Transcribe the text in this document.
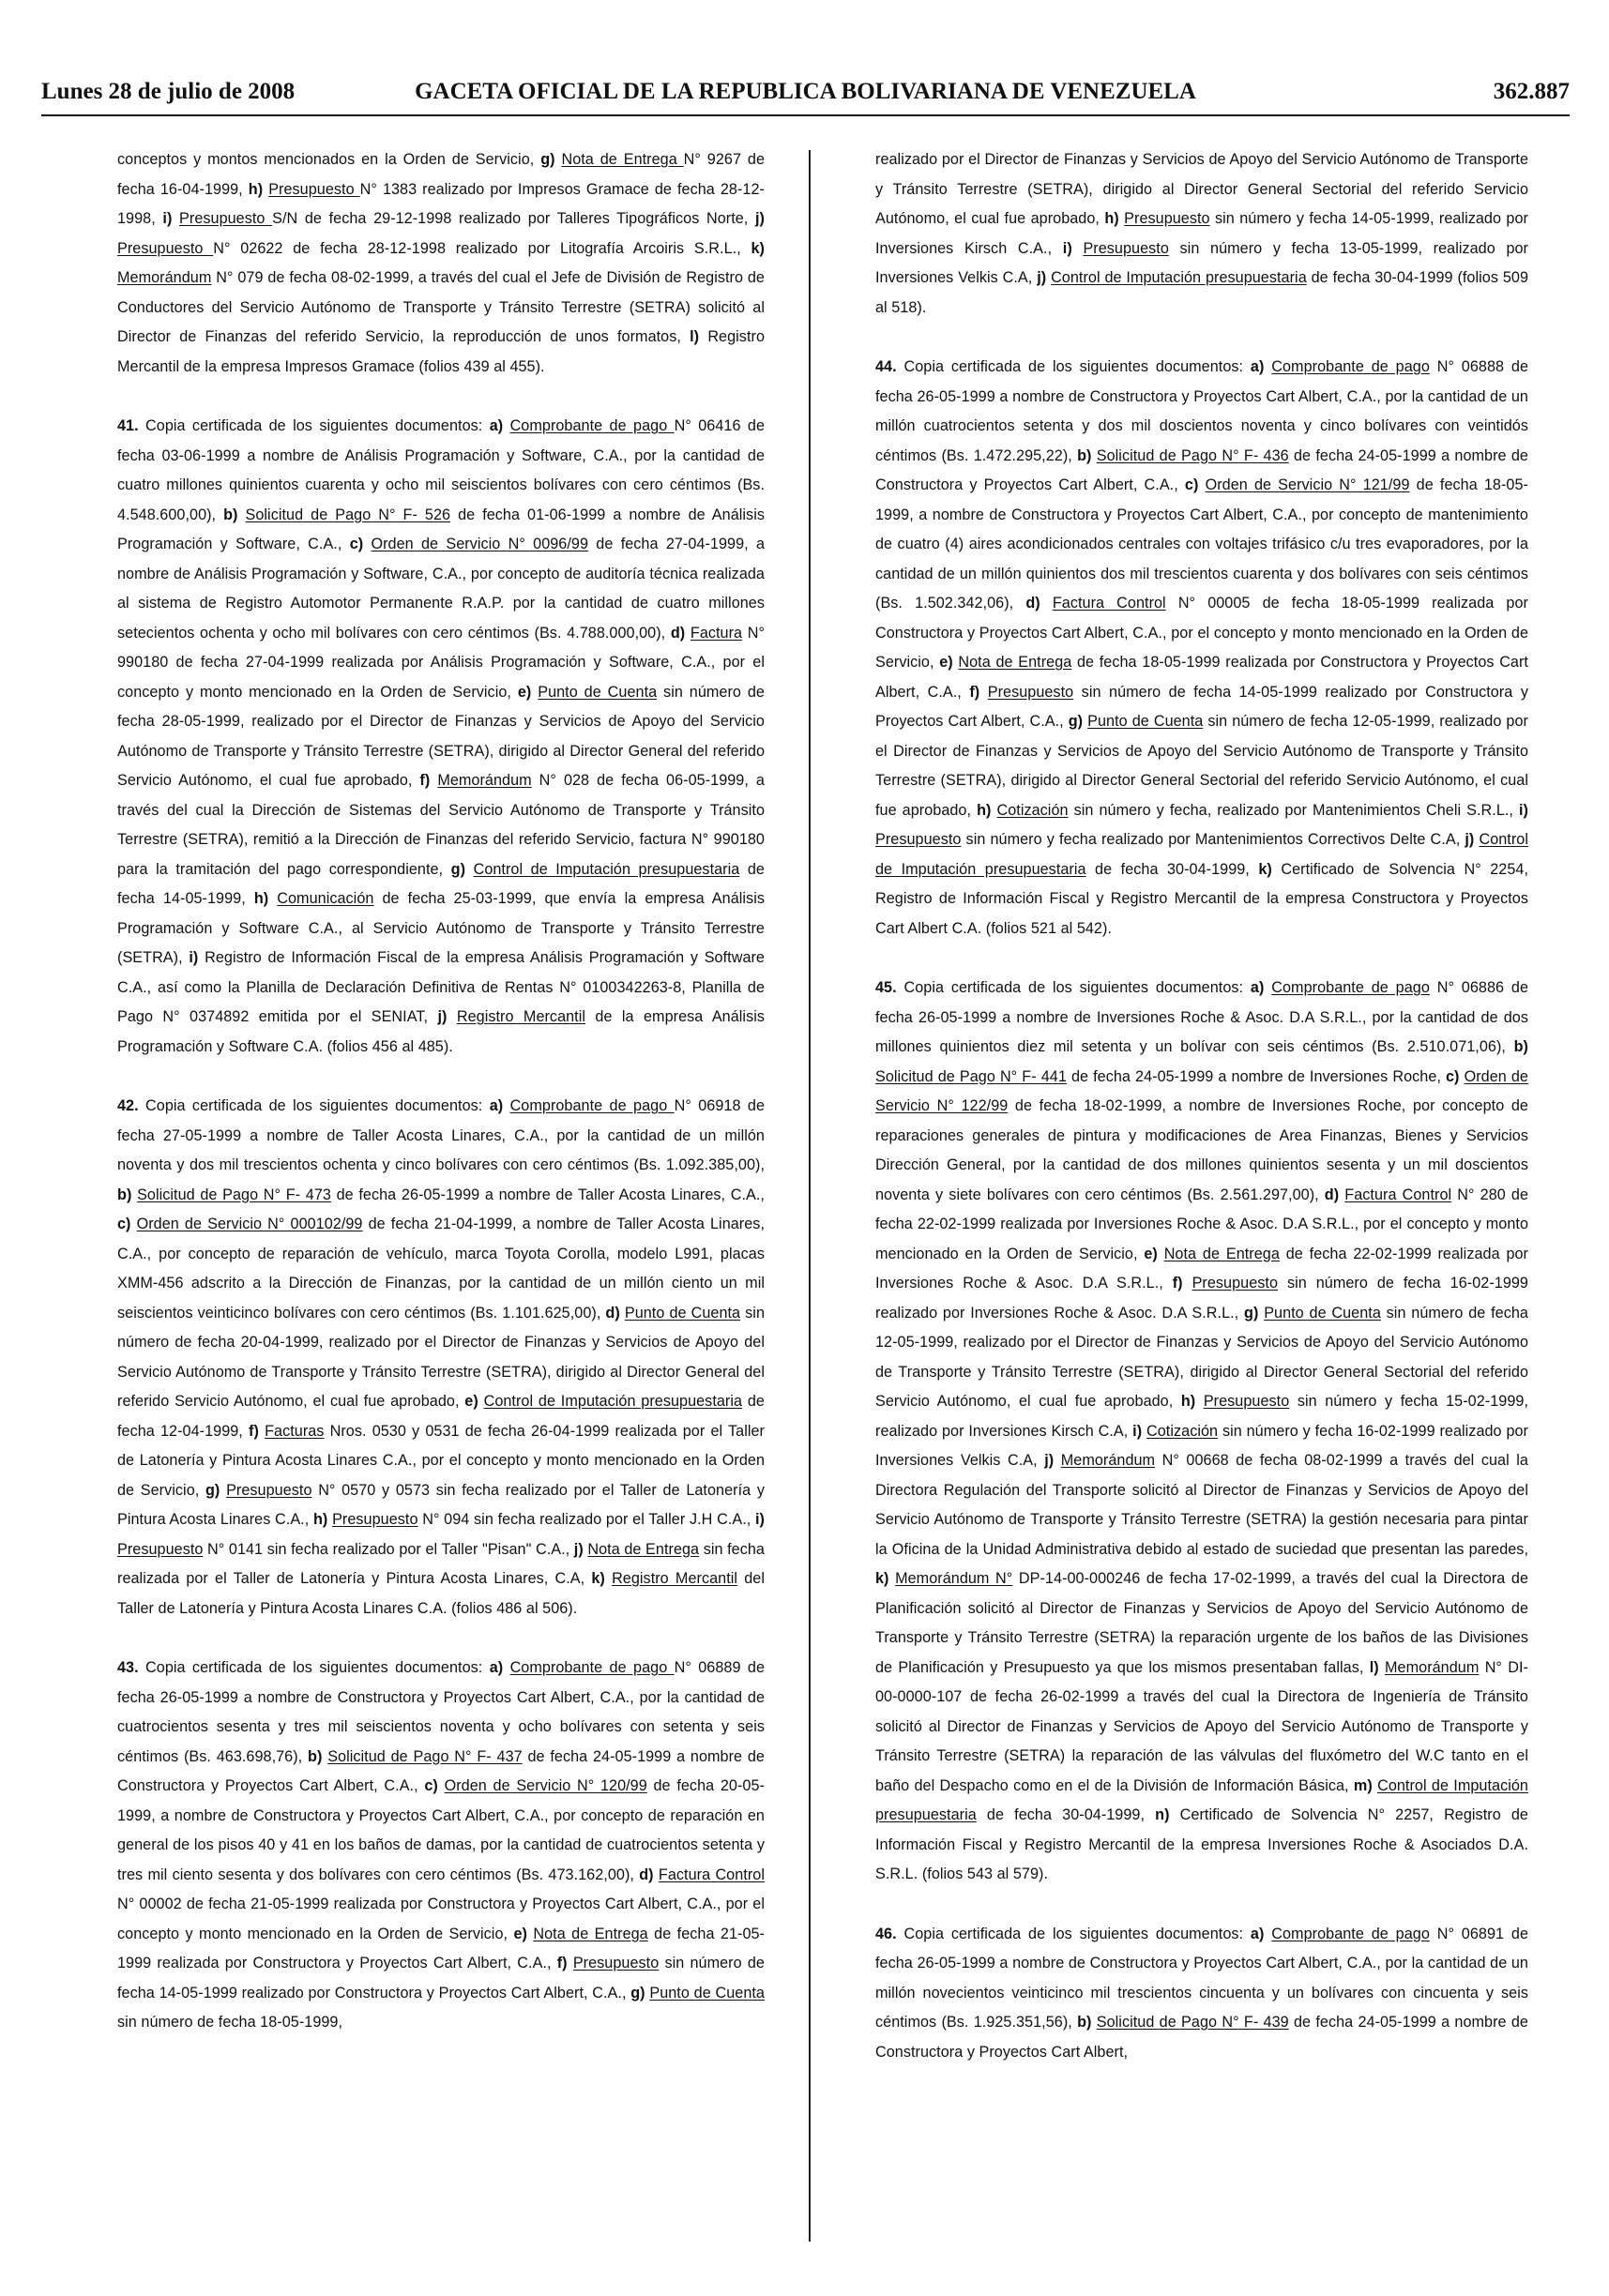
Lunes 28 de julio de 2008	GACETA OFICIAL DE LA REPUBLICA BOLIVARIANA DE VENEZUELA	362.887

conceptos y montos mencionados en la Orden de Servicio, g) Nota de Entrega N° 9267 de fecha 16-04-1999, h) Presupuesto N° 1383 realizado por Impresos Gramace de fecha 28-12-1998, i) Presupuesto S/N de fecha 29-12-1998 realizado por Talleres Tipográficos Norte, j) Presupuesto N° 02622 de fecha 28-12-1998 realizado por Litografía Arcoiris S.R.L., k) Memorándum N° 079 de fecha 08-02-1999, a través del cual el Jefe de División de Registro de Conductores del Servicio Autónomo de Transporte y Tránsito Terrestre (SETRA) solicitó al Director de Finanzas del referido Servicio, la reproducción de unos formatos, l) Registro Mercantil de la empresa Impresos Gramace (folios 439 al 455).

41. Copia certificada de los siguientes documentos: a) Comprobante de pago N° 06416 de fecha 03-06-1999 a nombre de Análisis Programación y Software, C.A., por la cantidad de cuatro millones quinientos cuarenta y ocho mil seiscientos bolívares con cero céntimos (Bs. 4.548.600,00), b) Solicitud de Pago N° F- 526 de fecha 01-06-1999 a nombre de Análisis Programación y Software, C.A., c) Orden de Servicio N° 0096/99 de fecha 27-04-1999, a nombre de Análisis Programación y Software, C.A., por concepto de auditoría técnica realizada al sistema de Registro Automotor Permanente R.A.P. por la cantidad de cuatro millones setecientos ochenta y ocho mil bolívares con cero céntimos (Bs. 4.788.000,00), d) Factura N° 990180 de fecha 27-04-1999 realizada por Análisis Programación y Software, C.A., por el concepto y monto mencionado en la Orden de Servicio, e) Punto de Cuenta sin número de fecha 28-05-1999, realizado por el Director de Finanzas y Servicios de Apoyo del Servicio Autónomo de Transporte y Tránsito Terrestre (SETRA), dirigido al Director General del referido Servicio Autónomo, el cual fue aprobado, f) Memorándum N° 028 de fecha 06-05-1999, a través del cual la Dirección de Sistemas del Servicio Autónomo de Transporte y Tránsito Terrestre (SETRA), remitió a la Dirección de Finanzas del referido Servicio, factura N° 990180 para la tramitación del pago correspondiente, g) Control de Imputación presupuestaria de fecha 14-05-1999, h) Comunicación de fecha 25-03-1999, que envía la empresa Análisis Programación y Software C.A., al Servicio Autónomo de Transporte y Tránsito Terrestre (SETRA), i) Registro de Información Fiscal de la empresa Análisis Programación y Software C.A., así como la Planilla de Declaración Definitiva de Rentas N° 0100342263-8, Planilla de Pago N° 0374892 emitida por el SENIAT, j) Registro Mercantil de la empresa Análisis Programación y Software C.A. (folios 456 al 485).

42. Copia certificada de los siguientes documentos: a) Comprobante de pago N° 06918 de fecha 27-05-1999 a nombre de Taller Acosta Linares, C.A., por la cantidad de un millón noventa y dos mil trescientos ochenta y cinco bolívares con cero céntimos (Bs. 1.092.385,00), b) Solicitud de Pago N° F- 473 de fecha 26-05-1999 a nombre de Taller Acosta Linares, C.A., c) Orden de Servicio N° 000102/99 de fecha 21-04-1999, a nombre de Taller Acosta Linares, C.A., por concepto de reparación de vehículo, marca Toyota Corolla, modelo L991, placas XMM-456 adscrito a la Dirección de Finanzas, por la cantidad de un millón ciento un mil seiscientos veinticinco bolívares con cero céntimos (Bs. 1.101.625,00), d) Punto de Cuenta sin número de fecha 20-04-1999, realizado por el Director de Finanzas y Servicios de Apoyo del Servicio Autónomo de Transporte y Tránsito Terrestre (SETRA), dirigido al Director General del referido Servicio Autónomo, el cual fue aprobado, e) Control de Imputación presupuestaria de fecha 12-04-1999, f) Facturas Nros. 0530 y 0531 de fecha 26-04-1999 realizada por el Taller de Latonería y Pintura Acosta Linares C.A., por el concepto y monto mencionado en la Orden de Servicio, g) Presupuesto N° 0570 y 0573 sin fecha realizado por el Taller de Latonería y Pintura Acosta Linares C.A., h) Presupuesto N° 094 sin fecha realizado por el Taller J.H C.A., i) Presupuesto N° 0141 sin fecha realizado por el Taller "Pisan" C.A., j) Nota de Entrega sin fecha realizada por el Taller de Latonería y Pintura Acosta Linares, C.A, k) Registro Mercantil del Taller de Latonería y Pintura Acosta Linares C.A. (folios 486 al 506).

43. Copia certificada de los siguientes documentos: a) Comprobante de pago N° 06889 de fecha 26-05-1999 a nombre de Constructora y Proyectos Cart Albert, C.A., por la cantidad de cuatrocientos sesenta y tres mil seiscientos noventa y ocho bolívares con setenta y seis céntimos (Bs. 463.698,76), b) Solicitud de Pago N° F- 437 de fecha 24-05-1999 a nombre de Constructora y Proyectos Cart Albert, C.A., c) Orden de Servicio N° 120/99 de fecha 20-05-1999, a nombre de Constructora y Proyectos Cart Albert, C.A., por concepto de reparación en general de los pisos 40 y 41 en los baños de damas, por la cantidad de cuatrocientos setenta y tres mil ciento sesenta y dos bolívares con cero céntimos (Bs. 473.162,00), d) Factura Control N° 00002 de fecha 21-05-1999 realizada por Constructora y Proyectos Cart Albert, C.A., por el concepto y monto mencionado en la Orden de Servicio, e) Nota de Entrega de fecha 21-05-1999 realizada por Constructora y Proyectos Cart Albert, C.A., f) Presupuesto sin número de fecha 14-05-1999 realizado por Constructora y Proyectos Cart Albert, C.A., g) Punto de Cuenta sin número de fecha 18-05-1999,

realizado por el Director de Finanzas y Servicios de Apoyo del Servicio Autónomo de Transporte y Tránsito Terrestre (SETRA), dirigido al Director General Sectorial del referido Servicio Autónomo, el cual fue aprobado, h) Presupuesto sin número y fecha 14-05-1999, realizado por Inversiones Kirsch C.A., i) Presupuesto sin número y fecha 13-05-1999, realizado por Inversiones Velkis C.A, j) Control de Imputación presupuestaria de fecha 30-04-1999 (folios 509 al 518).

44. Copia certificada de los siguientes documentos: a) Comprobante de pago N° 06888 de fecha 26-05-1999 a nombre de Constructora y Proyectos Cart Albert, C.A., por la cantidad de un millón cuatrocientos setenta y dos mil doscientos noventa y cinco bolívares con veintidós céntimos (Bs. 1.472.295,22), b) Solicitud de Pago N° F- 436 de fecha 24-05-1999 a nombre de Constructora y Proyectos Cart Albert, C.A., c) Orden de Servicio N° 121/99 de fecha 18-05-1999, a nombre de Constructora y Proyectos Cart Albert, C.A., por concepto de mantenimiento de cuatro (4) aires acondicionados centrales con voltajes trifásico c/u tres evaporadores, por la cantidad de un millón quinientos dos mil trescientos cuarenta y dos bolívares con seis céntimos (Bs. 1.502.342,06), d) Factura Control N° 00005 de fecha 18-05-1999 realizada por Constructora y Proyectos Cart Albert, C.A., por el concepto y monto mencionado en la Orden de Servicio, e) Nota de Entrega de fecha 18-05-1999 realizada por Constructora y Proyectos Cart Albert, C.A., f) Presupuesto sin número de fecha 14-05-1999 realizado por Constructora y Proyectos Cart Albert, C.A., g) Punto de Cuenta sin número de fecha 12-05-1999, realizado por el Director de Finanzas y Servicios de Apoyo del Servicio Autónomo de Transporte y Tránsito Terrestre (SETRA), dirigido al Director General Sectorial del referido Servicio Autónomo, el cual fue aprobado, h) Cotización sin número y fecha, realizado por Mantenimientos Cheli S.R.L., i) Presupuesto sin número y fecha realizado por Mantenimientos Correctivos Delte C.A, j) Control de Imputación presupuestaria de fecha 30-04-1999, k) Certificado de Solvencia N° 2254, Registro de Información Fiscal y Registro Mercantil de la empresa Constructora y Proyectos Cart Albert C.A. (folios 521 al 542).

45. Copia certificada de los siguientes documentos: a) Comprobante de pago N° 06886 de fecha 26-05-1999 a nombre de Inversiones Roche & Asoc. D.A S.R.L., por la cantidad de dos millones quinientos diez mil setenta y un bolívar con seis céntimos (Bs. 2.510.071,06), b) Solicitud de Pago N° F- 441 de fecha 24-05-1999 a nombre de Inversiones Roche, c) Orden de Servicio N° 122/99 de fecha 18-02-1999, a nombre de Inversiones Roche, por concepto de reparaciones generales de pintura y modificaciones de Area Finanzas, Bienes y Servicios Dirección General, por la cantidad de dos millones quinientos sesenta y un mil doscientos noventa y siete bolívares con cero céntimos (Bs. 2.561.297,00), d) Factura Control N° 280 de fecha 22-02-1999 realizada por Inversiones Roche & Asoc. D.A S.R.L., por el concepto y monto mencionado en la Orden de Servicio, e) Nota de Entrega de fecha 22-02-1999 realizada por Inversiones Roche & Asoc. D.A S.R.L., f) Presupuesto sin número de fecha 16-02-1999 realizado por Inversiones Roche & Asoc. D.A S.R.L., g) Punto de Cuenta sin número de fecha 12-05-1999, realizado por el Director de Finanzas y Servicios de Apoyo del Servicio Autónomo de Transporte y Tránsito Terrestre (SETRA), dirigido al Director General Sectorial del referido Servicio Autónomo, el cual fue aprobado, h) Presupuesto sin número y fecha 15-02-1999, realizado por Inversiones Kirsch C.A, i) Cotización sin número y fecha 16-02-1999 realizado por Inversiones Velkis C.A, j) Memorándum N° 00668 de fecha 08-02-1999 a través del cual la Directora Regulación del Transporte solicitó al Director de Finanzas y Servicios de Apoyo del Servicio Autónomo de Transporte y Tránsito Terrestre (SETRA) la gestión necesaria para pintar la Oficina de la Unidad Administrativa debido al estado de suciedad que presentan las paredes, k) Memorándum N° DP-14-00-000246 de fecha 17-02-1999, a través del cual la Directora de Planificación solicitó al Director de Finanzas y Servicios de Apoyo del Servicio Autónomo de Transporte y Tránsito Terrestre (SETRA) la reparación urgente de los baños de las Divisiones de Planificación y Presupuesto ya que los mismos presentaban fallas, l) Memorándum N° DI-00-0000-107 de fecha 26-02-1999 a través del cual la Directora de Ingeniería de Tránsito solicitó al Director de Finanzas y Servicios de Apoyo del Servicio Autónomo de Transporte y Tránsito Terrestre (SETRA) la reparación de las válvulas del fluxómetro del W.C tanto en el baño del Despacho como en el de la División de Información Básica, m) Control de Imputación presupuestaria de fecha 30-04-1999, n) Certificado de Solvencia N° 2257, Registro de Información Fiscal y Registro Mercantil de la empresa Inversiones Roche & Asociados D.A. S.R.L. (folios 543 al 579).

46. Copia certificada de los siguientes documentos: a) Comprobante de pago N° 06891 de fecha 26-05-1999 a nombre de Constructora y Proyectos Cart Albert, C.A., por la cantidad de un millón novecientos veinticinco mil trescientos cincuenta y un bolívares con cincuenta y seis céntimos (Bs. 1.925.351,56), b) Solicitud de Pago N° F- 439 de fecha 24-05-1999 a nombre de Constructora y Proyectos Cart Albert,
